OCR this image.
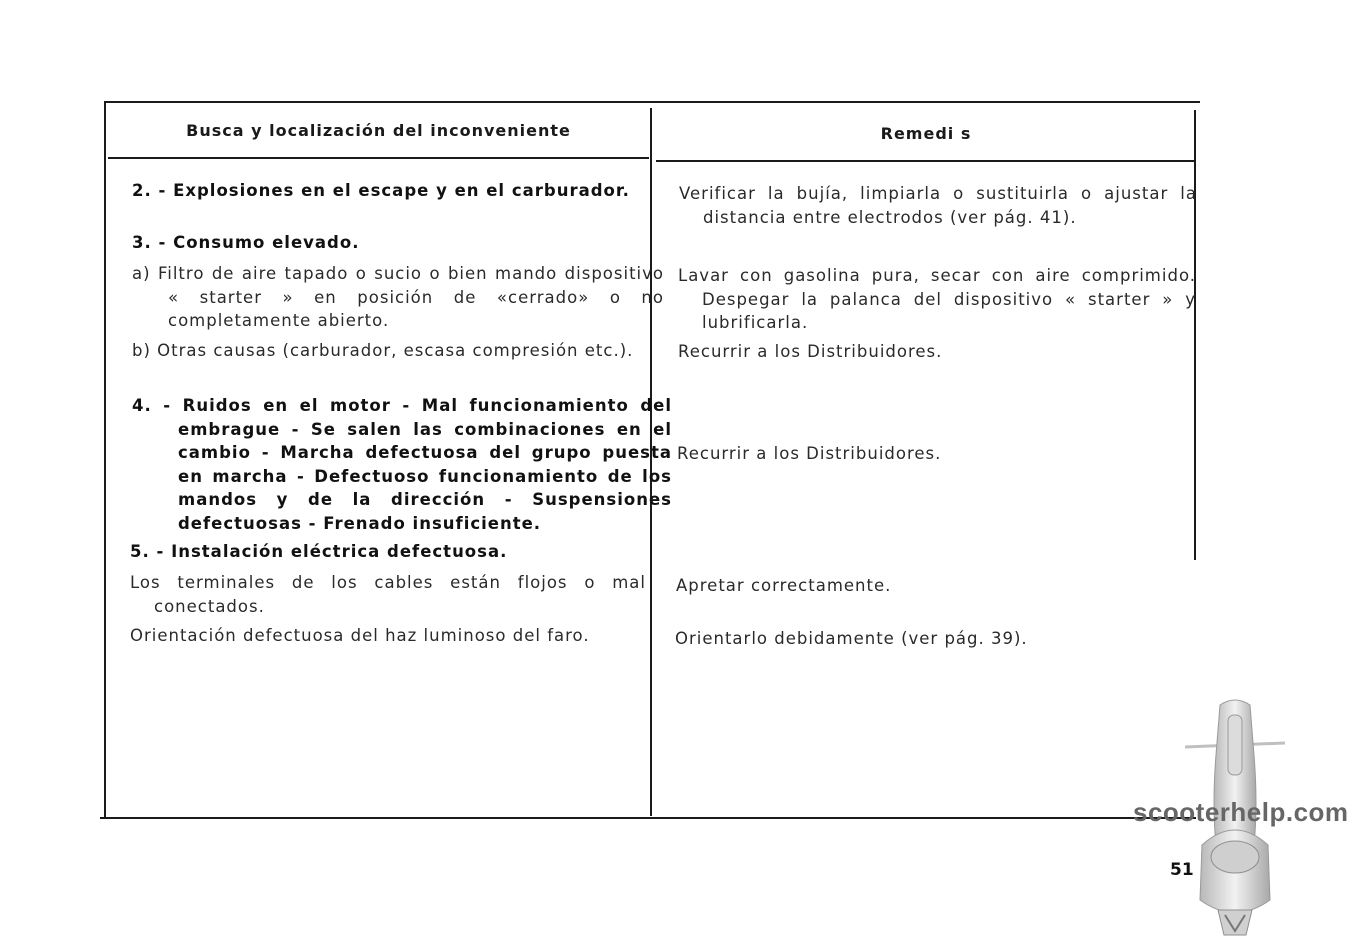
Busca y localización del inconveniente	Remedi s
2. - Explosiones en el escape y en el carburador.
3. - Consumo elevado.
a) Filtro de aire tapado o sucio o bien mando dispositivo « starter » en posición de «cerrado» o no completamente abierto.
b) Otras causas (carburador, escasa compresión etc.).
4. - Ruidos en el motor - Mal funcionamiento del embrague - Se salen las combinaciones en el cambio - Marcha defectuosa del grupo puesta en marcha - Defectuoso funcionamiento de los mandos y de la dirección - Suspensiones defectuosas - Frenado insuficiente.
5. - Instalación eléctrica defectuosa.
Los terminales de los cables están flojos o mal conectados.
Orientación defectuosa del haz luminoso del faro.
Verificar la bujía, limpiarla o sustituirla o ajustar la distancia entre electrodos (ver pág. 41).
Lavar con gasolina pura, secar con aire comprimido. Despegar la palanca del dispositivo « starter » y lubrificarla.
Recurrir a los Distribuidores.
Recurrir a los Distribuidores.
Apretar correctamente.
Orientarlo debidamente (ver pág. 39).
scooterhelp.com
51
